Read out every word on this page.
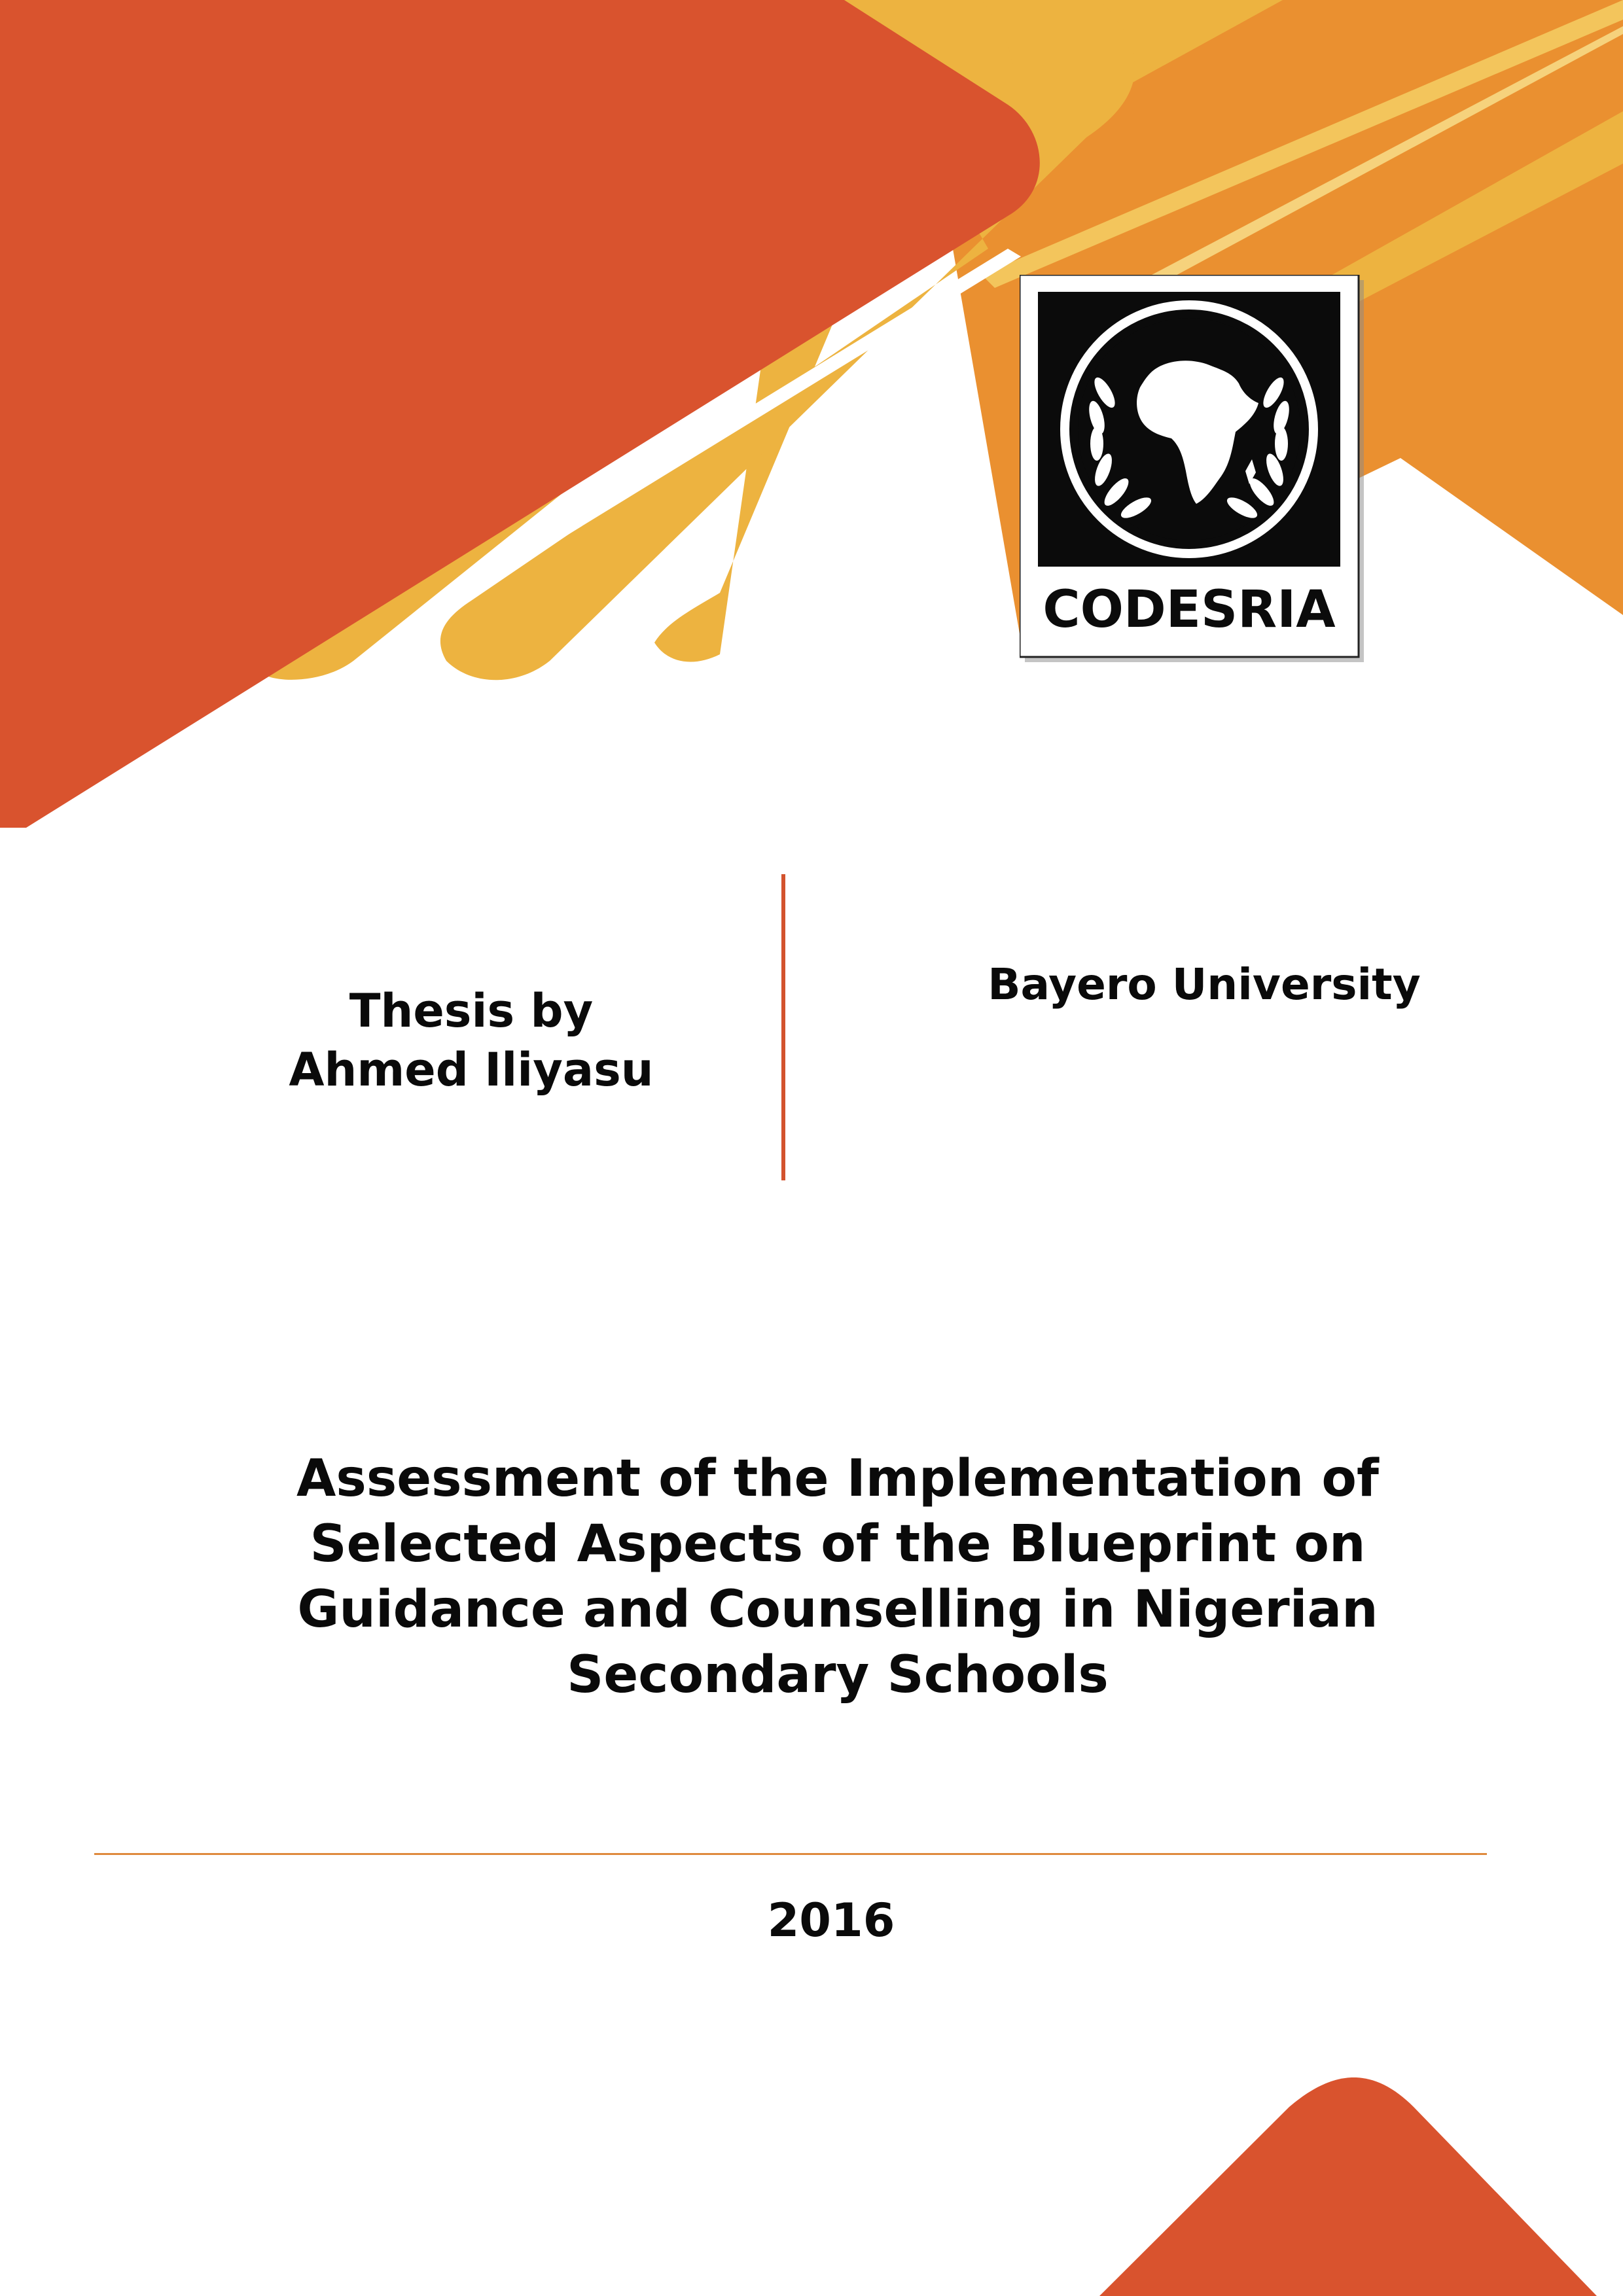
CODESRIA
Thesis by
Ahmed Iliyasu
Bayero University
Assessment of the Implementation of Selected Aspects of the Blueprint on Guidance and Counselling in Nigerian Secondary Schools
2016
